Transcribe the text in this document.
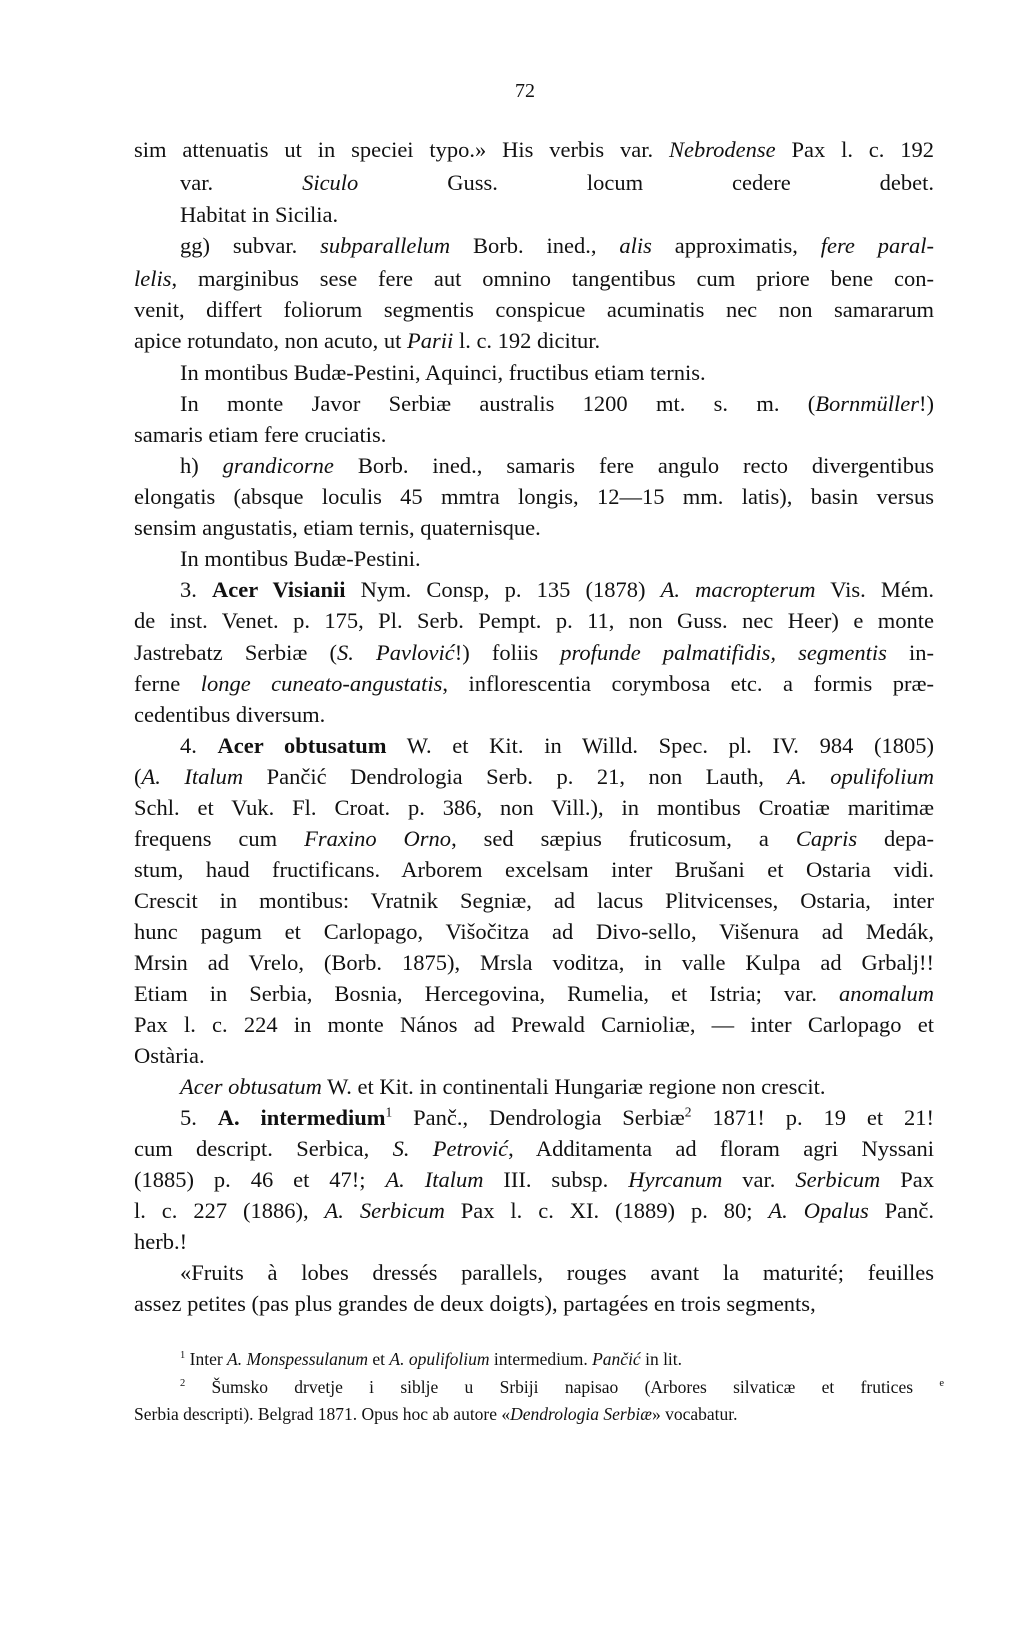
72
sim attenuatis ut in speciei typo.» His verbis var. Nebrodense Pax l. c. 192
var. Siculo Guss. locum cedere debet.
Habitat in Sicilia.
gg) subvar. subparallelum Borb. ined., alis approximatis, fere paral-
lelis, marginibus sese fere aut omnino tangentibus cum priore bene con-
venit, differt foliorum segmentis conspicue acuminatis nec non samararum
apice rotundato, non acuto, ut Parii l. c. 192 dicitur.
In montibus Budæ-Pestini, Aquinci, fructibus etiam ternis.
In monte Javor Serbiæ australis 1200 mt. s. m. (Bornmüller!)
samaris etiam fere cruciatis.
h) grandicorne Borb. ined., samaris fere angulo recto divergentibus
elongatis (absque loculis 45 mmtra longis, 12—15 mm. latis), basin versus
sensim angustatis, etiam ternis, quaternisque.
In montibus Budæ-Pestini.
3. Acer Visianii Nym. Consp, p. 135 (1878) A. macropterum Vis. Mém.
de inst. Venet. p. 175, Pl. Serb. Pempt. p. 11, non Guss. nec Heer) e monte
Jastrebatz Serbiæ (S. Pavlović!) foliis profunde palmatifidis, segmentis in-
ferne longe cuneato-angustatis, inflorescentia corymbosa etc. a formis præ-
cedentibus diversum.
4. Acer obtusatum W. et Kit. in Willd. Spec. pl. IV. 984 (1805)
(A. Italum Pančić Dendrologia Serb. p. 21, non Lauth, A. opulifolium
Schl. et Vuk. Fl. Croat. p. 386, non Vill.), in montibus Croatiæ maritimæ
frequens cum Fraxino Orno, sed sæpius fruticosum, a Capris depa-
stum, haud fructificans. Arborem excelsam inter Brušani et Ostaria vidi.
Crescit in montibus: Vratnik Segniæ, ad lacus Plitvicenses, Ostaria, inter
hunc pagum et Carlopago, Višočitza ad Divo-sello, Višenura ad Medák,
Mrsin ad Vrelo, (Borb. 1875), Mrsla voditza, in valle Kulpa ad Grbalj!!
Etiam in Serbia, Bosnia, Hercegovina, Rumelia, et Istria; var. anomalum
Pax l. c. 224 in monte Nános ad Prewald Carnioliæ, — inter Carlopago et
Ostària.
Acer obtusatum W. et Kit. in continentali Hungariæ regione non crescit.
5. A. intermedium$^1$ Panč., Dendrologia Serbiæ$^2$ 1871! p. 19 et 21!
cum descript. Serbica, S. Petrović, Additamenta ad floram agri Nyssani
(1885) p. 46 et 47!; A. Italum III. subsp. Hyrcanum var. Serbicum Pax
l. c. 227 (1886), A. Serbicum Pax l. c. XI. (1889) p. 80; A. Opalus Panč.
herb.!
«Fruits à lobes dressés parallels, rouges avant la maturité; feuilles
assez petites (pas plus grandes de deux doigts), partagées en trois segments,
$^1$ Inter A. Monspessulanum et A. opulifolium intermedium. Pančić in lit.
$^2$ Šumsko drvetje i siblje u Srbiji napisao (Arbores silvaticæ et frutices $^e$
Serbia descripti). Belgrad 1871. Opus hoc ab autore «Dendrologia Serbiæ» vocabatur.
